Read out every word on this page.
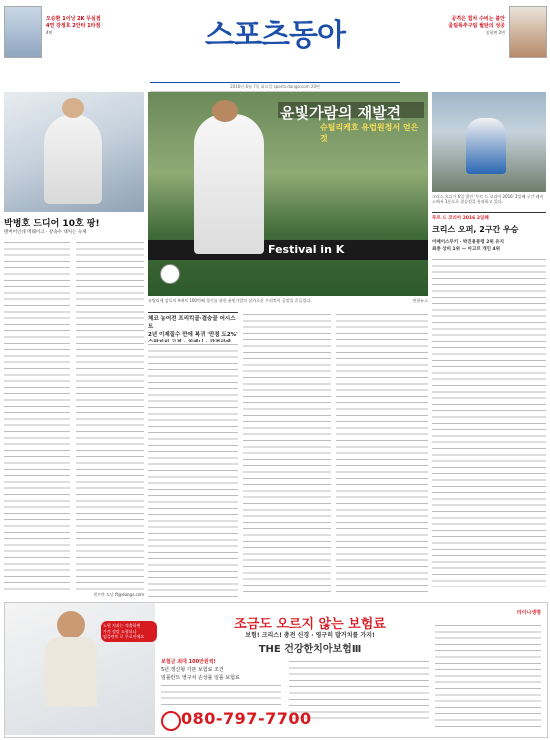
오승환 1이닝 2K 무실점
4연 강정호 2안타 1타점
4면	스포츠동아	공격은 힘차 수비는 불안
울팀폭추구팀 월탄의 성공
종합면 2면
2016년 6월 7일 화요일 sports.donga.com 20면
박병호 드디어 10호 팡!
텐버어인데 멕웨이크 · 갈속수 대처는 숙제
샌프란 도난 ft@dongs.com
Festival in K
윤빛가람의 재발견
슈틸리케호 유럽원정서 얻은 것
슈틸리케 감독의 A매치 100번째 경기를 향한 윤빛가람의 날카로운 프리킥이 골망을 흔들었다.	연합뉴스
체코 농어전 프리킥골·결승골 어시스트
2년 이제질수 만에 복귀 '만점 도2%'
크리스 오디가 6일 열린 '투르 드 코리아 2016' 2일째 구간 레이스에서 1등으로 결승점을 통과하고 있다.
투르 드 코리아 2016 2일째
크리스 오퍼, 2구간 우승
이베이스무키 · 박진용통령 2위 유지
최종 상비 1위 — 아고르 개인 4위
노원 치과는 적출하면
가격 정말 소형되나
임플란트 로 무료이에요
조금도 오르지 않는 보험료
보험! 크리스! 총전 신경 · 영구히 발거치를 가지!
THE 건강한치아보험Ⅲ
라이나생명
보험금 최대 100만원씩!
5년 갱신형 기본 보험료 조건
임플란트 영구치 손상률 임플 보험료
080-797-7700
